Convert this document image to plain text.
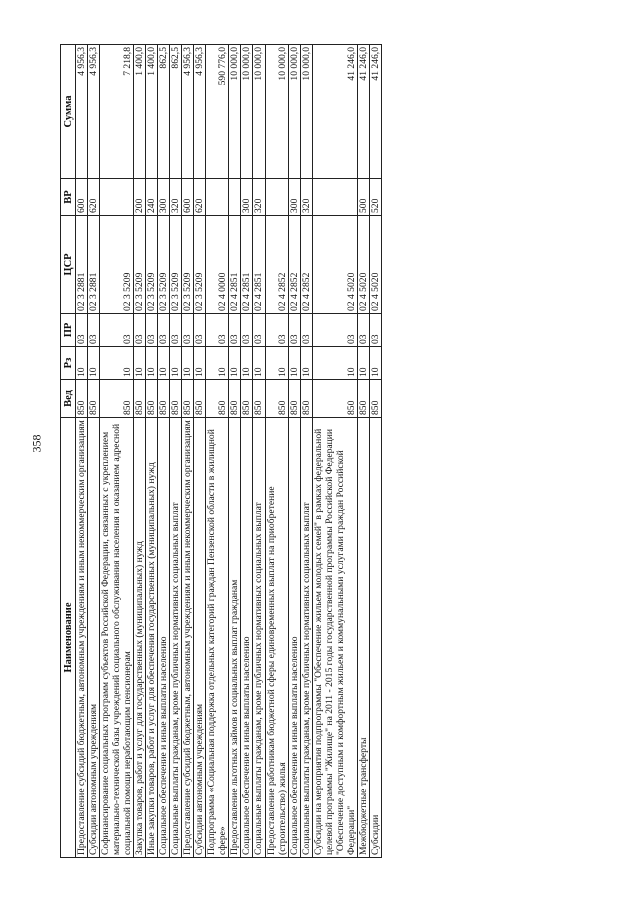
358
Наименование	Вед	Рз	ПР	ЦСР	ВР	Сумма
Предоставление субсидий бюджетным, автономным учреждениям и иным некоммерческим организациям	850	10	03	02 3 2881	600	4 956,3
Субсидии автономным учреждениям	850	10	03	02 3 2881	620	4 956,3
Софинансирование социальных программ субъектов Российской Федерации, связанных с укреплением материально-технической базы учреждений социального обслуживания населения и оказанием адресной социальной помощи неработающим пенсионерам	850	10	03	02 3 5209		7 218,8
Закупка товаров, работ и услуг для государственных (муниципальных) нужд	850	10	03	02 3 5209	200	1 400,0
Иные закупки товаров, работ и услуг для обеспечения государственных (муниципальных) нужд	850	10	03	02 3 5209	240	1 400,0
Социальное обеспечение и иные выплаты населению	850	10	03	02 3 5209	300	862,5
Социальные выплаты гражданам, кроме публичных нормативных социальных выплат	850	10	03	02 3 5209	320	862,5
Предоставление субсидий бюджетным, автономным учреждениям и иным некоммерческим организациям	850	10	03	02 3 5209	600	4 956,3
Субсидии автономным учреждениям	850	10	03	02 3 5209	620	4 956,3
Подпрограмма «Социальная поддержка отдельных категорий граждан Пензенской области в жилищной сфере»	850	10	03	02 4 0000		590 776,0
Предоставление льготных займов и социальных выплат гражданам	850	10	03	02 4 2851		10 000,0
Социальное обеспечение и иные выплаты населению	850	10	03	02 4 2851	300	10 000,0
Социальные выплаты гражданам, кроме публичных нормативных социальных выплат	850	10	03	02 4 2851	320	10 000,0
Предоставление работникам бюджетной сферы единовременных выплат на приобретение (строительство) жилья	850	10	03	02 4 2852		10 000,0
Социальное обеспечение и иные выплаты населению	850	10	03	02 4 2852	300	10 000,0
Социальные выплаты гражданам, кроме публичных нормативных социальных выплат	850	10	03	02 4 2852	320	10 000,0
Субсидии на мероприятия подпрограммы "Обеспечение жильем молодых семей" в рамках федеральной целевой программы "Жилище" на 2011 - 2015 годы государственной программы Российской Федерации "Обеспечение доступным и комфортным жильем и коммунальными услугами граждан Российской Федерации"	850	10	03	02 4 5020		41 246,0
Межбюджетные трансферты	850	10	03	02 4 5020	500	41 246,0
Субсидии	850	10	03	02 4 5020	520	41 246,0
